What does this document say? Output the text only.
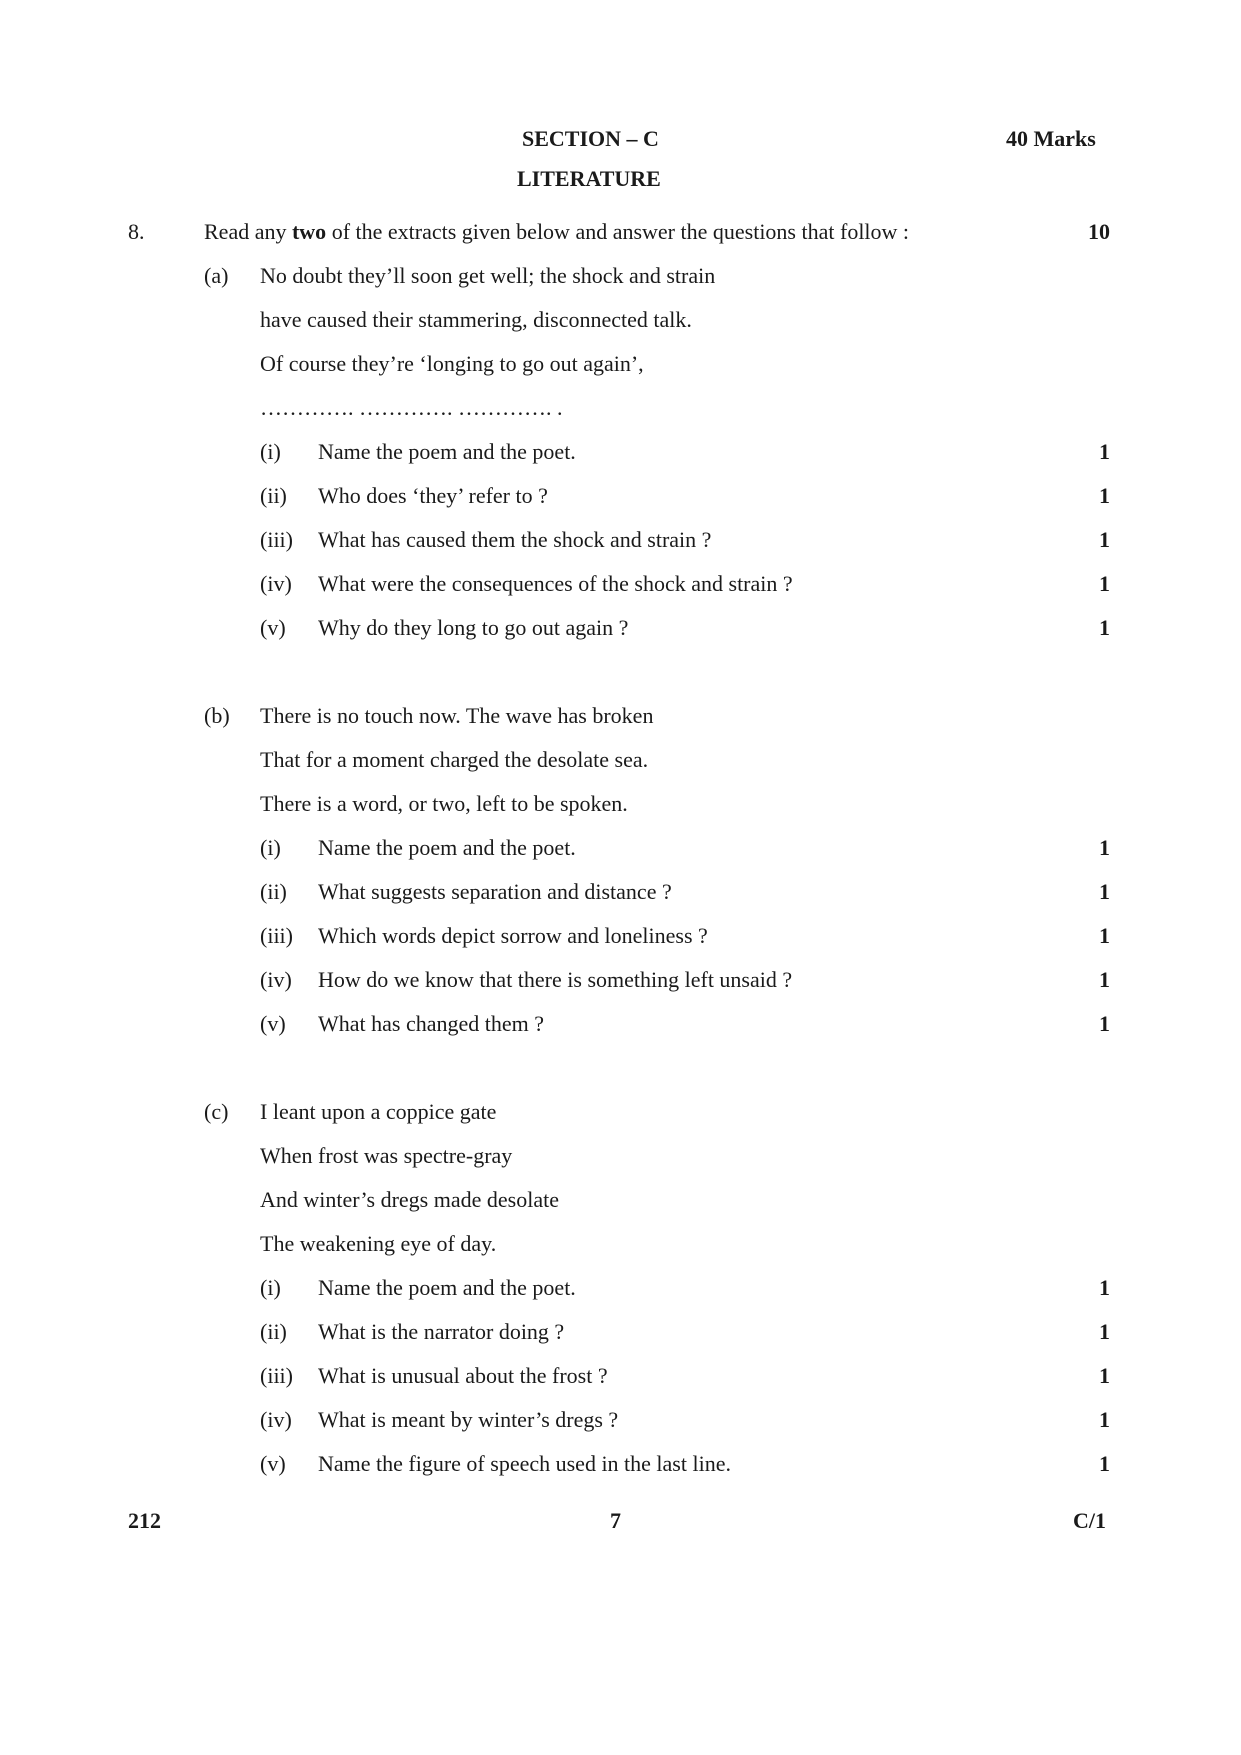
SECTION – C	40 Marks
LITERATURE
8.	Read any two of the extracts given below and answer the questions that follow :	10
(a) No doubt they’ll soon get well; the shock and strain
have caused their stammering, disconnected talk.
Of course they’re ‘longing to go out again’,
…………. …………. …………. .
(i) Name the poem and the poet.	1
(ii) Who does ‘they’ refer to ?	1
(iii) What has caused them the shock and strain ?	1
(iv) What were the consequences of the shock and strain ?	1
(v) Why do they long to go out again ?	1
(b) There is no touch now. The wave has broken
That for a moment charged the desolate sea.
There is a word, or two, left to be spoken.
(i) Name the poem and the poet.	1
(ii) What suggests separation and distance ?	1
(iii) Which words depict sorrow and loneliness ?	1
(iv) How do we know that there is something left unsaid ?	1
(v) What has changed them ?	1
(c) I leant upon a coppice gate
When frost was spectre-gray
And winter’s dregs made desolate
The weakening eye of day.
(i) Name the poem and the poet.	1
(ii) What is the narrator doing ?	1
(iii) What is unusual about the frost ?	1
(iv) What is meant by winter’s dregs ?	1
(v) Name the figure of speech used in the last line.	1
212	7	C/1
